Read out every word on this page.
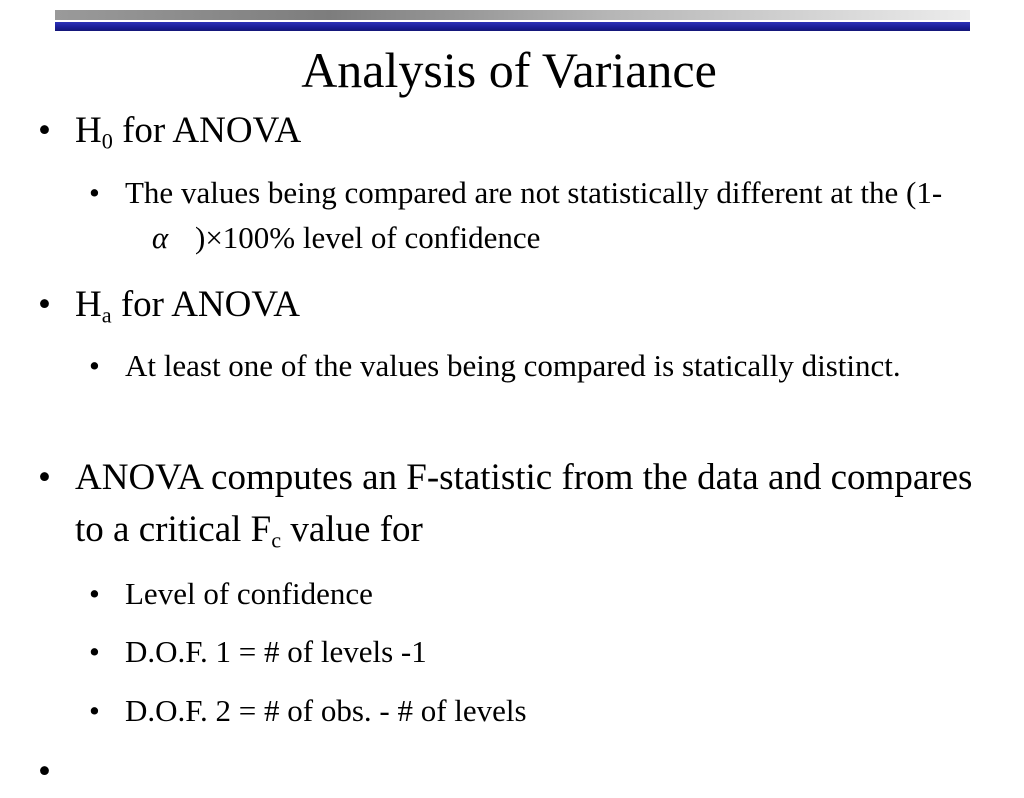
Analysis of Variance
• $H_0$ for ANOVA
• The values being compared are not statistically different at the (1-α )×100% level of confidence
• $H_a$ for ANOVA
• At least one of the values being compared is statically distinct.
• ANOVA computes an F-statistic from the data and compares to a critical $F_c$ value for
• Level of confidence
• D.O.F. 1 = # of levels -1
• D.O.F. 2 = # of obs. - # of levels
•
